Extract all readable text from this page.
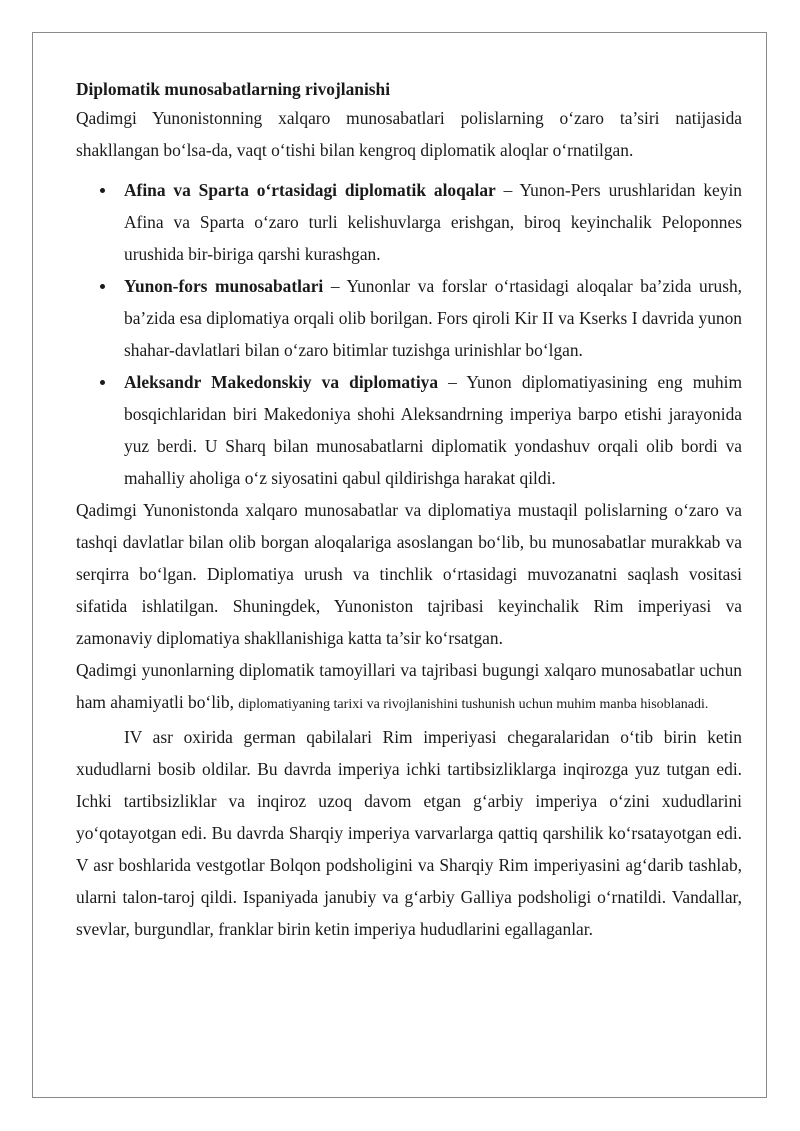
Diplomatik munosabatlarning rivojlanishi

Qadimgi Yunonistonning xalqaro munosabatlari polislarning o‘zaro ta’siri natijasida shakllangan bo‘lsa-da, vaqt o‘tishi bilan kengroq diplomatik aloqlar o‘rnatilgan.

Afina va Sparta o‘rtasidagi diplomatik aloqalar – Yunon-Pers urushlaridan keyin Afina va Sparta o‘zaro turli kelishuvlarga erishgan, biroq keyinchalik Peloponnes urushida bir-biriga qarshi kurashgan.
Yunon-fors munosabatlari – Yunonlar va forslar o‘rtasidagi aloqalar ba’zida urush, ba’zida esa diplomatiya orqali olib borilgan. Fors qiroli Kir II va Kserks I davrida yunon shahar-davlatlari bilan o‘zaro bitimlar tuzishga urinishlar bo‘lgan.
Aleksandr Makedonskiy va diplomatiya – Yunon diplomatiyasining eng muhim bosqichlaridan biri Makedoniya shohi Aleksandrning imperiya barpo etishi jarayonida yuz berdi. U Sharq bilan munosabatlarni diplomatik yondashuv orqali olib bordi va mahalliy aholiga o‘z siyosatini qabul qildirishga harakat qildi.

Qadimgi Yunonistonda xalqaro munosabatlar va diplomatiya mustaqil polislarning o‘zaro va tashqi davlatlar bilan olib borgan aloqalariga asoslangan bo‘lib, bu munosabatlar murakkab va serqirra bo‘lgan. Diplomatiya urush va tinchlik o‘rtasidagi muvozanatni saqlash vositasi sifatida ishlatilgan. Shuningdek, Yunoniston tajribasi keyinchalik Rim imperiyasi va zamonaviy diplomatiya shakllanishiga katta ta’sir ko‘rsatgan.

Qadimgi yunonlarning diplomatik tamoyillari va tajribasi bugungi xalqaro munosabatlar uchun ham ahamiyatli bo‘lib, diplomatiyaning tarixi va rivojlanishini tushunish uchun muhim manba hisoblanadi.

IV asr oxirida german qabilalari Rim imperiyasi chegaralaridan o‘tib birin ketin xududlarni bosib oldilar. Bu davrda imperiya ichki tartibsizliklarga inqirozga yuz tutgan edi. Ichki tartibsizliklar va inqiroz uzoq davom etgan g‘arbiy imperiya o‘zini xududlarini yo‘qotayotgan edi. Bu davrda Sharqiy imperiya varvarlarga qattiq qarshilik ko‘rsatayotgan edi. V asr boshlarida vestgotlar Bolqon podsholigini va Sharqiy Rim imperiyasini ag‘darib tashlab, ularni talon-taroj qildi. Ispaniyada janubiy va g‘arbiy Galliya podsholigi o‘rnatildi. Vandallar, svevlar, burgundlar, franklar birin ketin imperiya hududlarini egallaganlar.
